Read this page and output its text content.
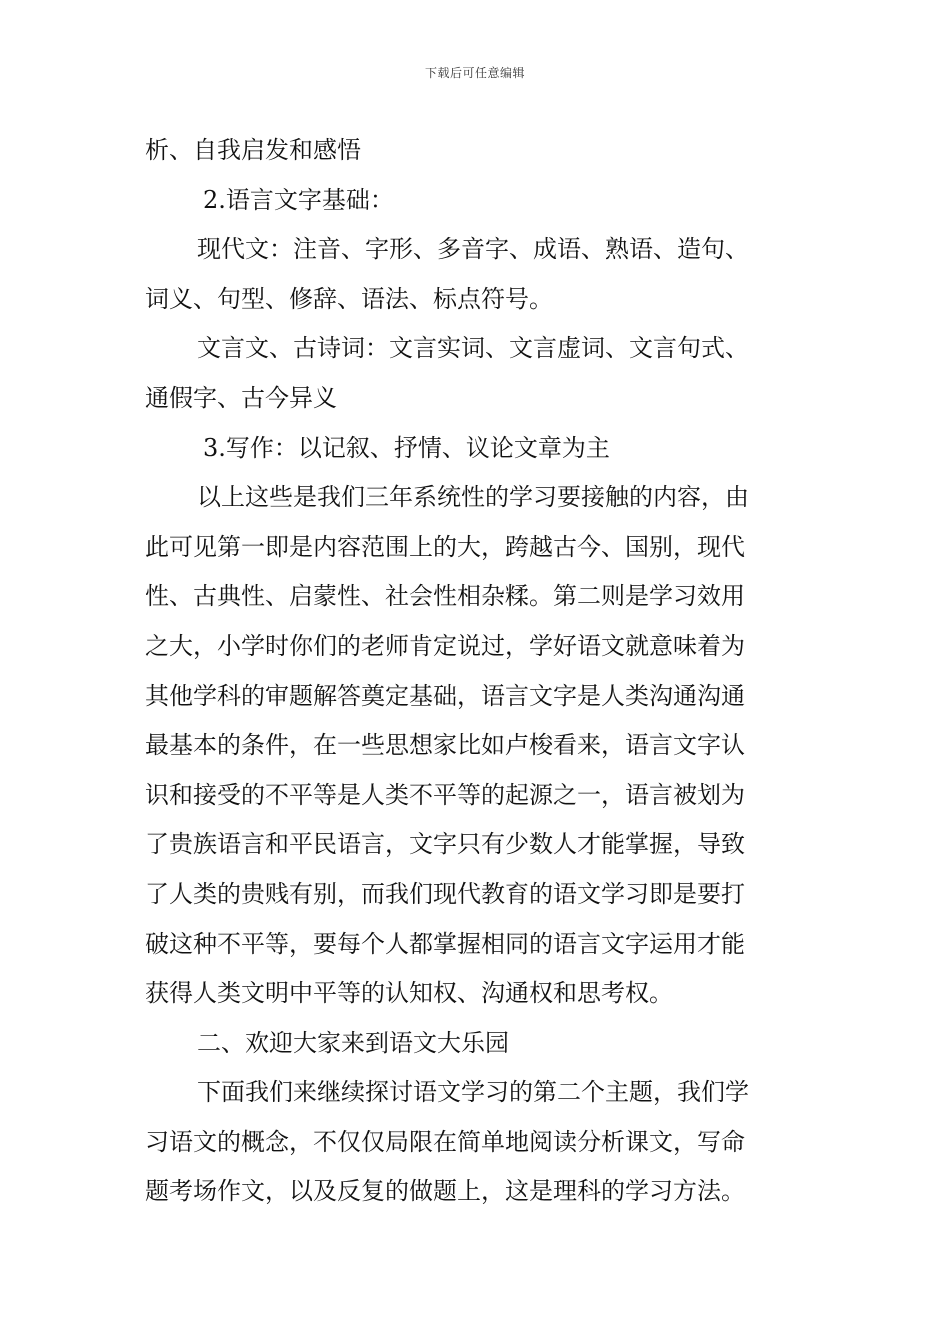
下载后可任意编辑
析、自我启发和感悟
2.语言文字基础：
现代文：注音、字形、多音字、成语、熟语、造句、
词义、句型、修辞、语法、标点符号。
文言文、古诗词：文言实词、文言虚词、文言句式、
通假字、古今异义
3.写作：以记叙、抒情、议论文章为主
以上这些是我们三年系统性的学习要接触的内容，由
此可见第一即是内容范围上的大，跨越古今、国别，现代
性、古典性、启蒙性、社会性相杂糅。第二则是学习效用
之大，小学时你们的老师肯定说过，学好语文就意味着为
其他学科的审题解答奠定基础，语言文字是人类沟通沟通
最基本的条件，在一些思想家比如卢梭看来，语言文字认
识和接受的不平等是人类不平等的起源之一，语言被划为
了贵族语言和平民语言，文字只有少数人才能掌握，导致
了人类的贵贱有别，而我们现代教育的语文学习即是要打
破这种不平等，要每个人都掌握相同的语言文字运用才能
获得人类文明中平等的认知权、沟通权和思考权。
二、欢迎大家来到语文大乐园
下面我们来继续探讨语文学习的第二个主题，我们学
习语文的概念，不仅仅局限在简单地阅读分析课文，写命
题考场作文，以及反复的做题上，这是理科的学习方法。
